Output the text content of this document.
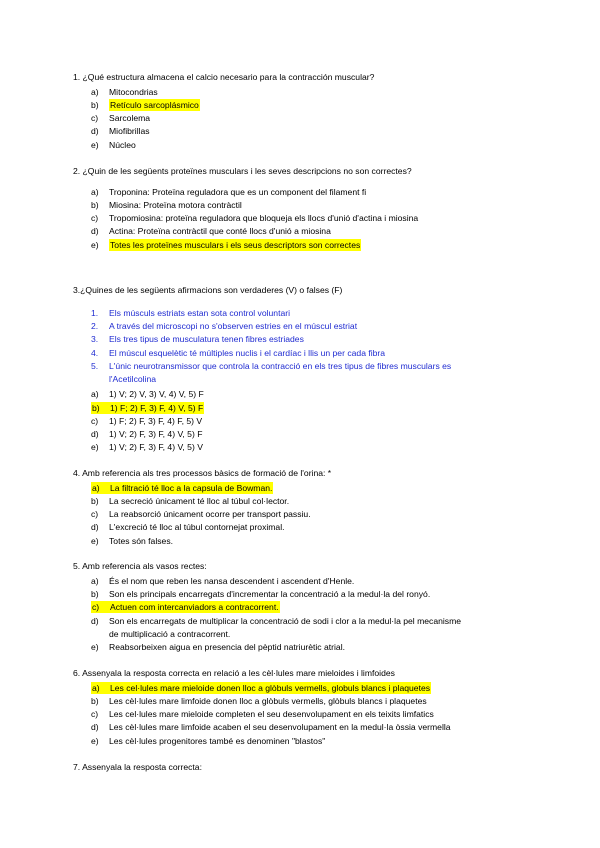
1. ¿Qué estructura almacena el calcio necesario para la contracción muscular?
a) Mitocondrias
b) Retículo sarcoplásmico
c) Sarcolema
d) Miofibrillas
e) Núcleo
2. ¿Quin de les següents proteïnes musculars i les seves descripcions no son correctes?
a) Troponina: Proteïna reguladora que es un component del filament fi
b) Miosina: Proteïna motora contràctil
c) Tropomiosina: proteïna reguladora que bloqueja els llocs d'unió d'actina i miosina
d) Actina: Proteïna contràctil que conté llocs d'unió a miosina
e) Totes les proteïnes musculars i els seus descriptors son correctes
3.¿Quines de les següents afirmacions son verdaderes (V) o falses (F)
1. Els músculs estriats estan sota control voluntari
2. A través del microscopi no s'observen estries en el múscul estriat
3. Els tres tipus de musculatura tenen fibres estriades
4. El múscul esquelètic té múltiples nuclis i el cardíac i llis un per cada fibra
5. L'únic neurotransmissor que controla la contracció en els tres tipus de fibres musculars es
l'Acetilcolina
a) 1) V; 2) V, 3) V, 4) V, 5) F
b) 1) F; 2) F, 3) F, 4) V, 5) F
c) 1) F; 2) F, 3) F, 4) F, 5) V
d) 1) V; 2) F, 3) F, 4) V, 5) F
e) 1) V; 2) F, 3) F, 4) V, 5) V
4. Amb referencia als tres processos bàsics de formació de l'orina: *
a) La filtració té lloc a la capsula de Bowman.
b) La secreció únicament té lloc al túbul col·lector.
c) La reabsorció únicament ocorre per transport passiu.
d) L'excreció té lloc al túbul contornejat proximal.
e) Totes són falses.
5. Amb referencia als vasos rectes:
a) És el nom que reben les nansa descendent i ascendent d'Henle.
b) Son els principals encarregats d'incrementar la concentració a la medul·la del ronyó.
c) Actuen com intercanviadors a contracorrent.
d) Son els encarregats de multiplicar la concentració de sodi i clor a la medul·la pel mecanisme
de multiplicació a contracorrent.
e) Reabsorbeixen aigua en presencia del pèptid natriurètic atrial.
6. Assenyala la resposta correcta en relació a les cèl·lules mare mieloides i limfoides
a) Les cel·lules mare mieloide donen lloc a glòbuls vermells, globuls blancs i plaquetes
b) Les cèl·lules mare limfoide donen lloc a glòbuls vermells, glòbuls blancs i plaquetes
c) Les cel·lules mare mieloide completen el seu desenvolupament en els teixits limfatics
d) Les cèl·lules mare limfoide acaben el seu desenvolupament en la medul·la òssia vermella
e) Les cèl·lules progenitores també es denominen "blastos"
7. Assenyala la resposta correcta:
